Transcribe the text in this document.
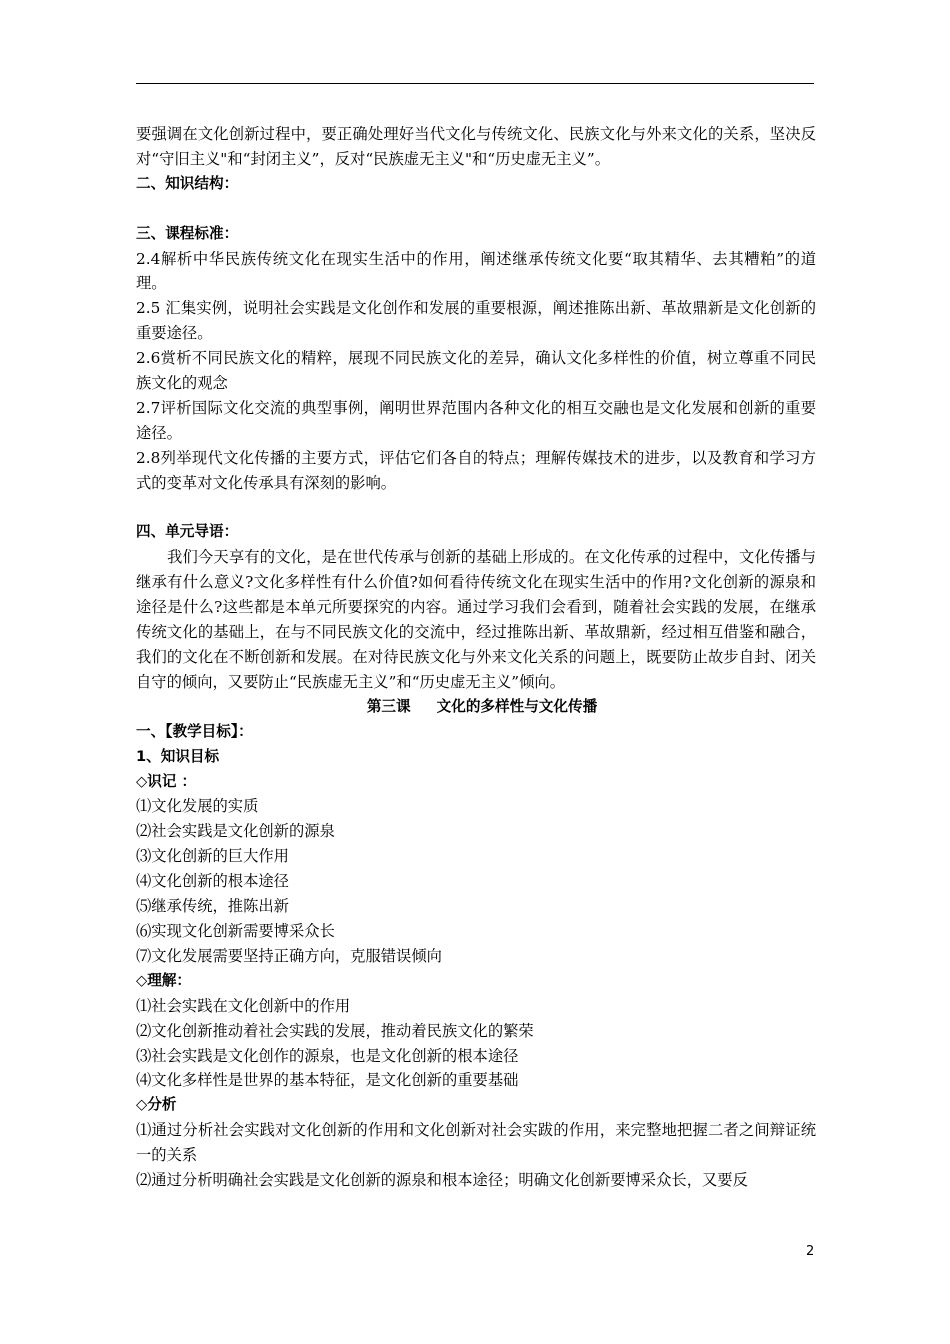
要强调在文化创新过程中，要正确处理好当代文化与传统文化、民族文化与外来文化的关系，坚决反对“守旧主义"和“封闭主义”，反对“民族虚无主义"和“历史虚无主义”。

二、知识结构：

三、课程标准：

2.4解析中华民族传统文化在现实生活中的作用，阐述继承传统文化要“取其精华、去其糟粕”的道理。

2.5 汇集实例，说明社会实践是文化创作和发展的重要根源，阐述推陈出新、革故鼎新是文化创新的重要途径。

2.6赏析不同民族文化的精粹，展现不同民族文化的差异，确认文化多样性的价值，树立尊重不同民族文化的观念

2.7评析国际文化交流的典型事例，阐明世界范围内各种文化的相互交融也是文化发展和创新的重要途径。

2.8列举现代文化传播的主要方式，评估它们各自的特点；理解传媒技术的进步，以及教育和学习方式的变革对文化传承具有深刻的影响。

四、单元导语：

我们今天享有的文化，是在世代传承与创新的基础上形成的。在文化传承的过程中，文化传播与继承有什么意义?文化多样性有什么价值?如何看待传统文化在现实生活中的作用?文化创新的源泉和途径是什么?这些都是本单元所要探究的内容。通过学习我们会看到，随着社会实践的发展，在继承传统文化的基础上，在与不同民族文化的交流中，经过推陈出新、革故鼎新，经过相互借鉴和融合，我们的文化在不断创新和发展。在对待民族文化与外来文化关系的问题上，既要防止故步自封、闭关自守的倾向，又要防止“民族虚无主义”和“历史虚无主义”倾向。

第三课 文化的多样性与文化传播

一、【教学目标】：

1、知识目标

◇识记 ：

⑴文化发展的实质

⑵社会实践是文化创新的源泉

⑶文化创新的巨大作用

⑷文化创新的根本途径

⑸继承传统，推陈出新

⑹实现文化创新需要博采众长

⑺文化发展需要坚持正确方向，克服错误倾向

◇理解：

⑴社会实践在文化创新中的作用

⑵文化创新推动着社会实践的发展，推动着民族文化的繁荣

⑶社会实践是文化创作的源泉，也是文化创新的根本途径

⑷文化多样性是世界的基本特征，是文化创新的重要基础

◇分析

⑴通过分析社会实践对文化创新的作用和文化创新对社会实跋的作用，来完整地把握二者之间辩证统一的关系

⑵通过分析明确社会实践是文化创新的源泉和根本途径；明确文化创新要博采众长，又要反

2
